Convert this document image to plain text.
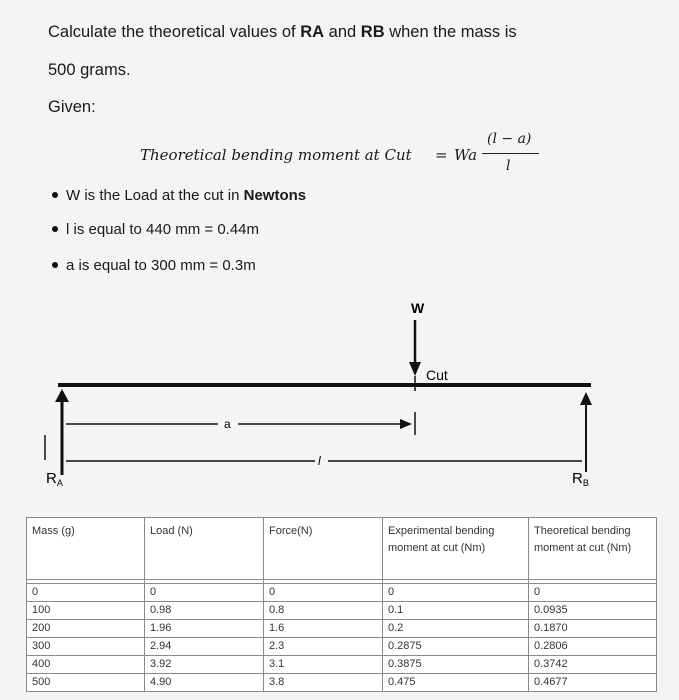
Calculate the theoretical values of RA and RB when the mass is
500 grams.
Given:
Theoretical bending moment at Cut = Wa
(l − a)
l
W is the Load at the cut in Newtons
l is equal to 440 mm = 0.44m
a is equal to 300 mm = 0.3m
W
Cut
a
l
$R_A$	$R_B$
Mass (g)	Load (N)	Force(N)	Experimental bending moment at cut (Nm)	Theoretical bending moment at cut (Nm)

0	0	0	0	0
100	0.98	0.8	0.1	0.0935
200	1.96	1.6	0.2	0.1870
300	2.94	2.3	0.2875	0.2806
400	3.92	3.1	0.3875	0.3742
500	4.90	3.8	0.475	0.4677
